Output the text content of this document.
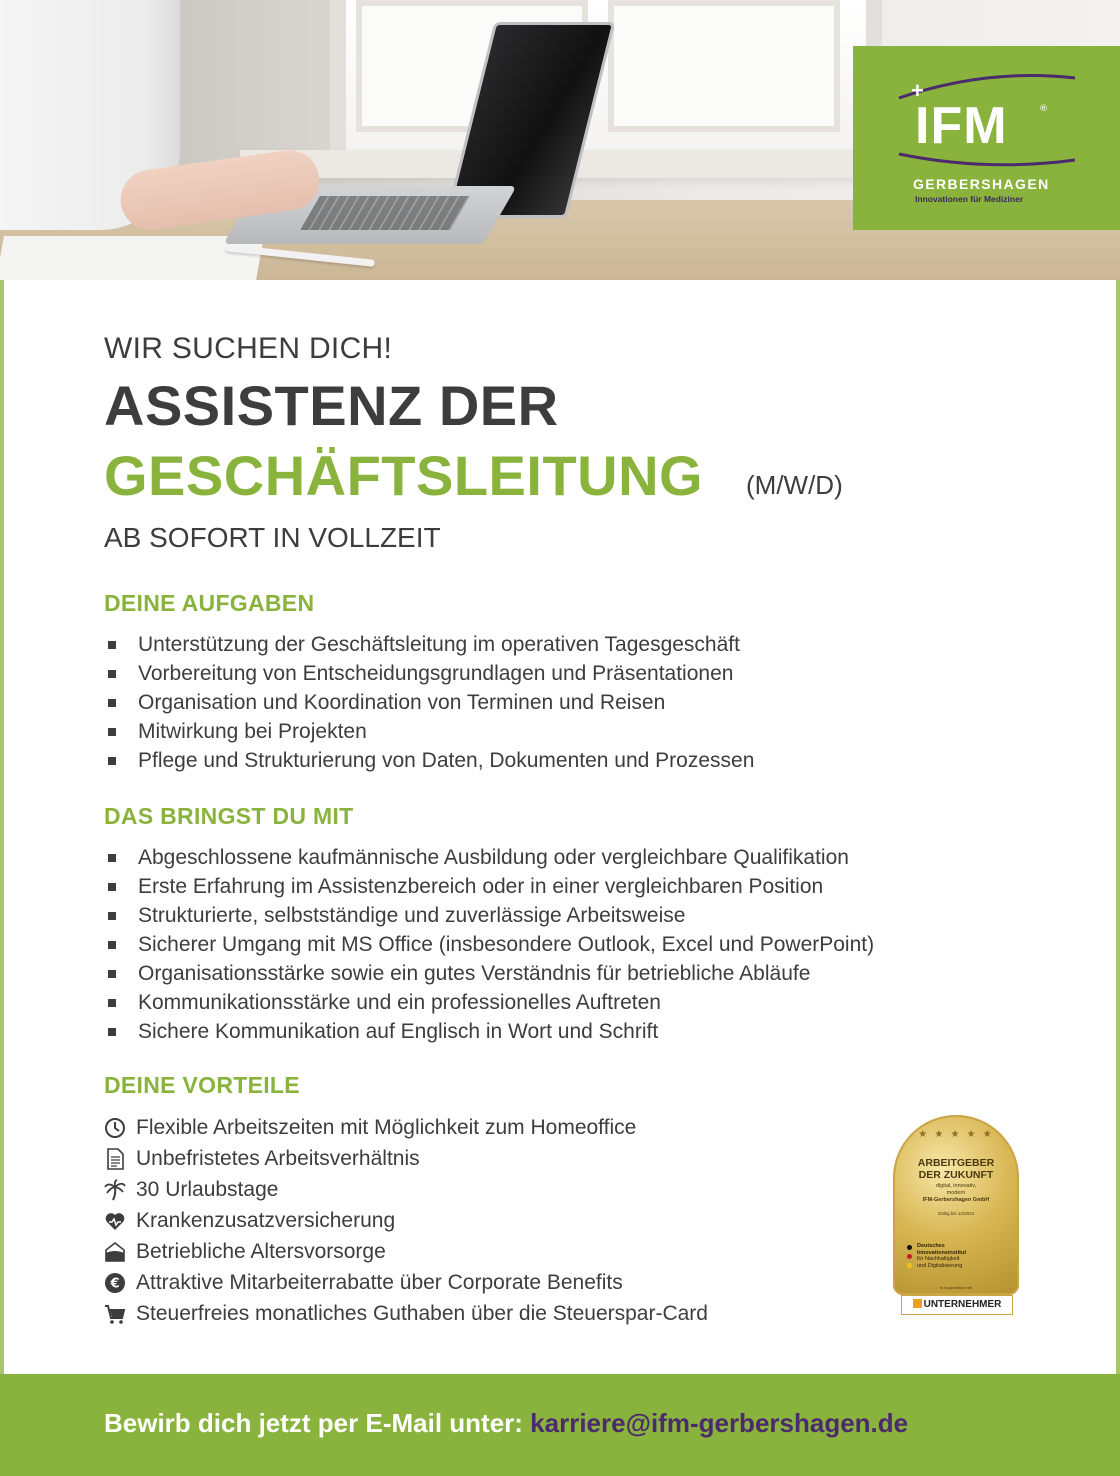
+
IFM	®
GERBERSHAGEN
Innovationen für Mediziner
WIR SUCHEN DICH!
ASSISTENZ DER
GESCHÄFTSLEITUNG (M/W/D)
AB SOFORT IN VOLLZEIT
DEINE AUFGABEN
Unterstützung der Geschäftsleitung im operativen Tagesgeschäft
Vorbereitung von Entscheidungsgrundlagen und Präsentationen
Organisation und Koordination von Terminen und Reisen
Mitwirkung bei Projekten
Pflege und Strukturierung von Daten, Dokumenten und Prozessen
DAS BRINGST DU MIT
Abgeschlossene kaufmännische Ausbildung oder vergleichbare Qualifikation
Erste Erfahrung im Assistenzbereich oder in einer vergleichbaren Position
Strukturierte, selbstständige und zuverlässige Arbeitsweise
Sicherer Umgang mit MS Office (insbesondere Outlook, Excel und PowerPoint)
Organisationsstärke sowie ein gutes Verständnis für betriebliche Abläufe
Kommunikationsstärke und ein professionelles Auftreten
Sichere Kommunikation auf Englisch in Wort und Schrift
DEINE VORTEILE
Flexible Arbeitszeiten mit Möglichkeit zum Homeoffice
Unbefristetes Arbeitsverhältnis
30 Urlaubstage
Krankenzusatzversicherung
Betriebliche Altersvorsorge
€ Attraktive Mitarbeiterrabatte über Corporate Benefits
Steuerfreies monatliches Guthaben über die Steuerspar-Card
★ ★ ★ ★ ★
ARBEITGEBER
DER ZUKUNFT
digital, innovativ,
modern
IFM-Gerbershagen GmbH
Gültig bis 12/2024
Deutsches
Innovationsinstitut
für Nachhaltigkeit
und Digitalisierung
in Kooperation mit
UNTERNEHMER
Bewirb dich jetzt per E-Mail unter: karriere@ifm-gerbershagen.de
